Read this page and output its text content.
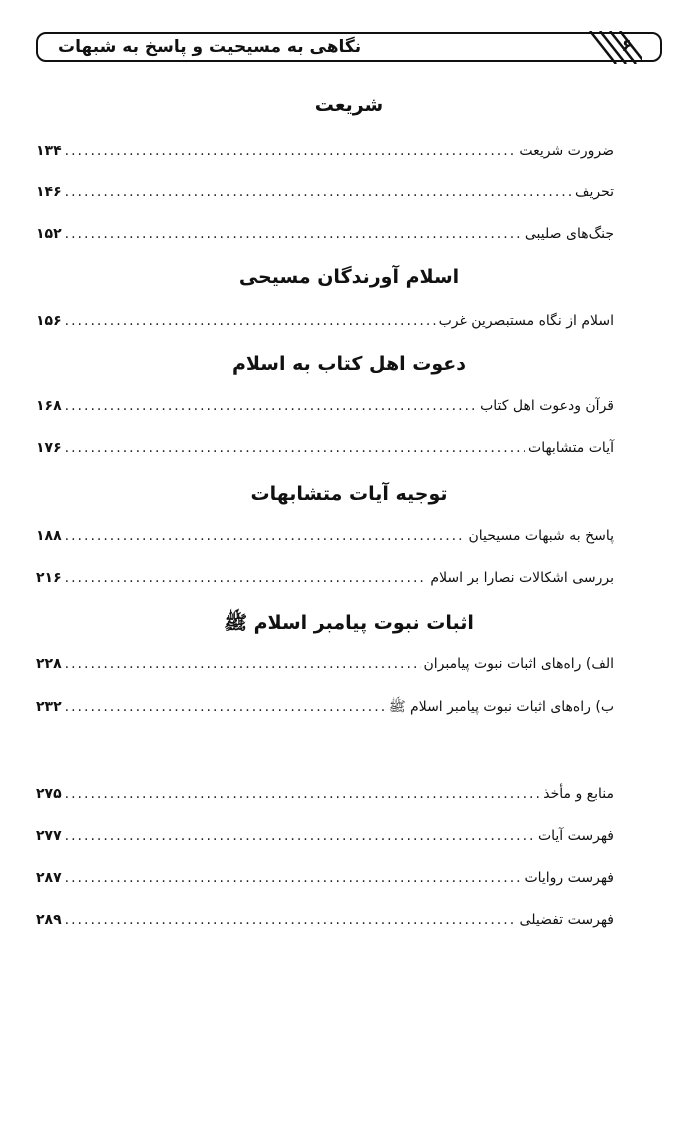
نگاهی به مسیحیت و پاسخ به شبهات	۶
شریعت
ضرورت شریعت
.....
۱۳۴
تحریف
.....
۱۴۶
جنگ‌های صلیبی
.....
۱۵۲
اسلام آورندگان مسیحی
اسلام از نگاه مستبصرین غرب
.....
۱۵۶
دعوت اهل کتاب به اسلام
قرآن ودعوت اهل کتاب
.....
۱۶۸
آیات متشابهات
.....
۱۷۶
توجیه آیات متشابهات
پاسخ به شبهات مسیحیان
.....
۱۸۸
بررسی اشکالات نصارا بر اسلام
.....
۲۱۶
اثبات نبوت پیامبر اسلام ﷺ
الف) راه‌های اثبات نبوت پیامبران
.....
۲۲۸
ب) راه‌های اثبات نبوت پیامبر اسلام ﷺ
.....
۲۳۲
منابع و مأخذ
.....
۲۷۵
فهرست آیات
.....
۲۷۷
فهرست روایات
.....
۲۸۷
فهرست تفضیلی
.....
۲۸۹
